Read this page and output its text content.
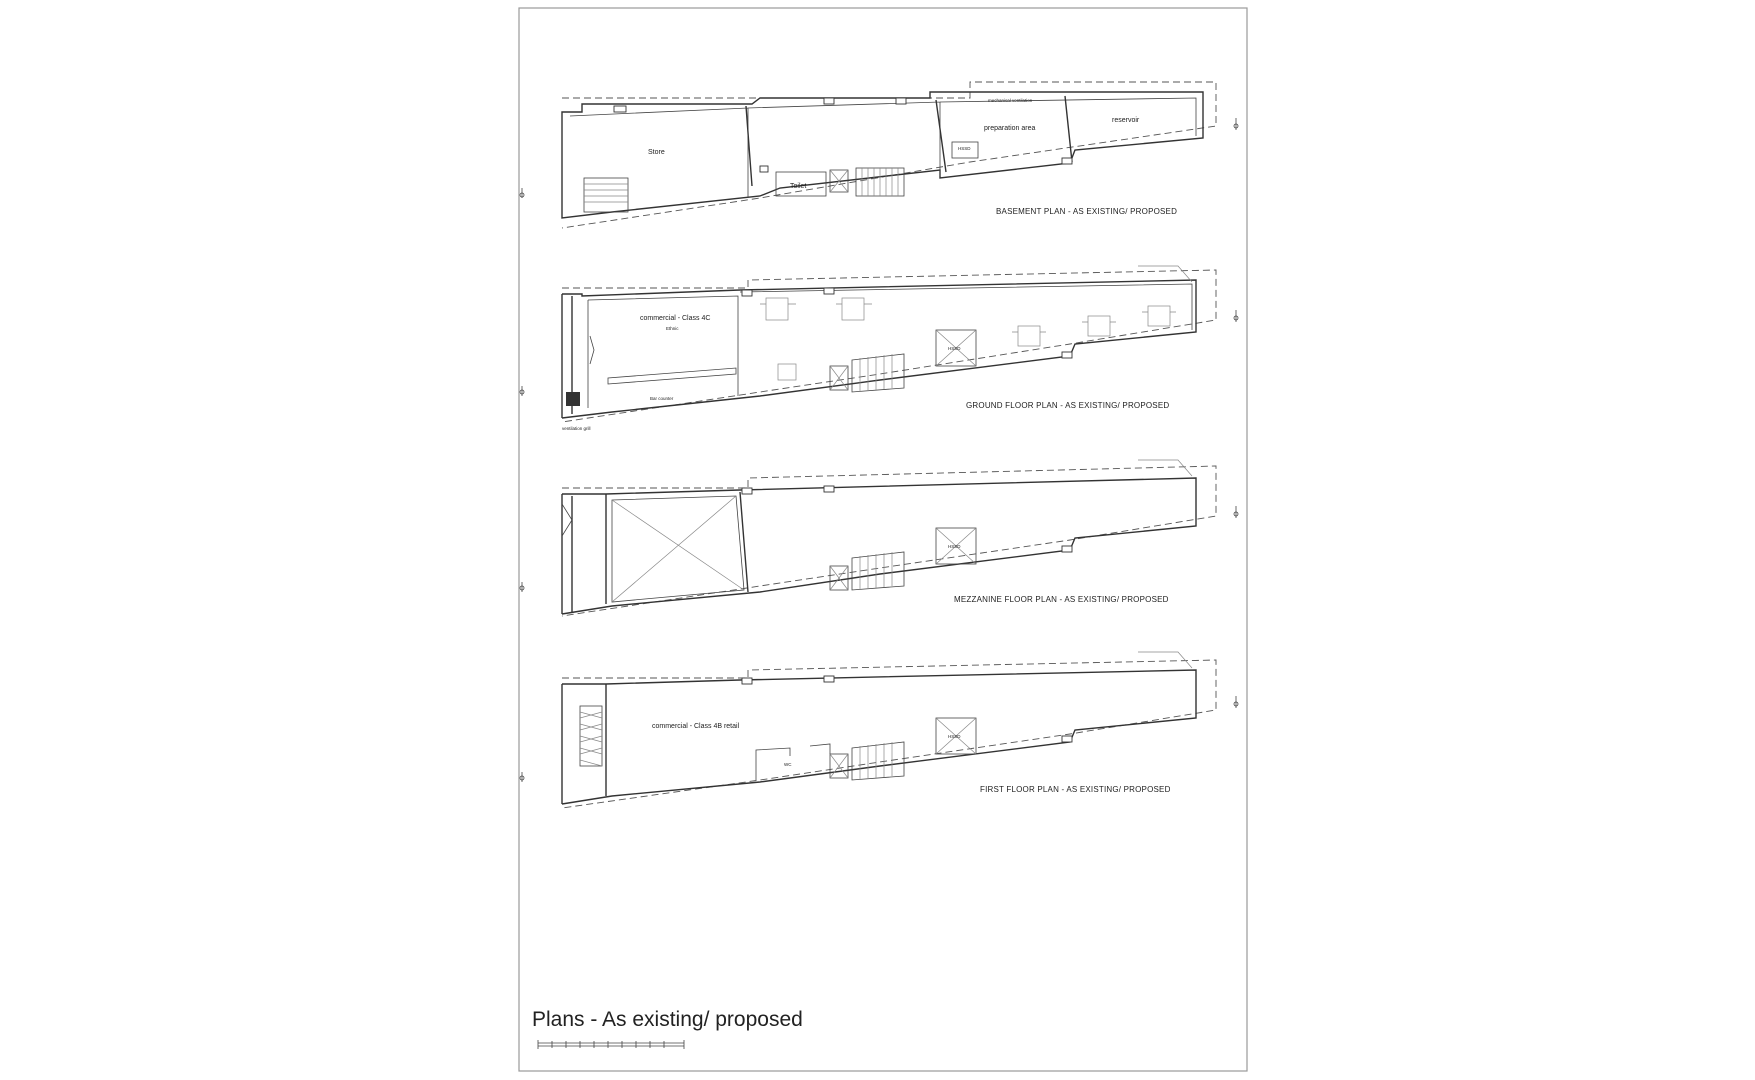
Store
Toilet
preparation area
reservoir
mechanical ventilation
HSSD
BASEMENT PLAN - AS EXISTING/ PROPOSED
commercial - Class 4C
Ethnic
Bar counter
ventilation grill
HSSD
GROUND FLOOR PLAN - AS EXISTING/ PROPOSED
HSSD
MEZZANINE FLOOR PLAN - AS EXISTING/ PROPOSED
commercial - Class 4B retail
WC
HSSD
FIRST FLOOR PLAN - AS EXISTING/ PROPOSED
Plans - As existing/ proposed
